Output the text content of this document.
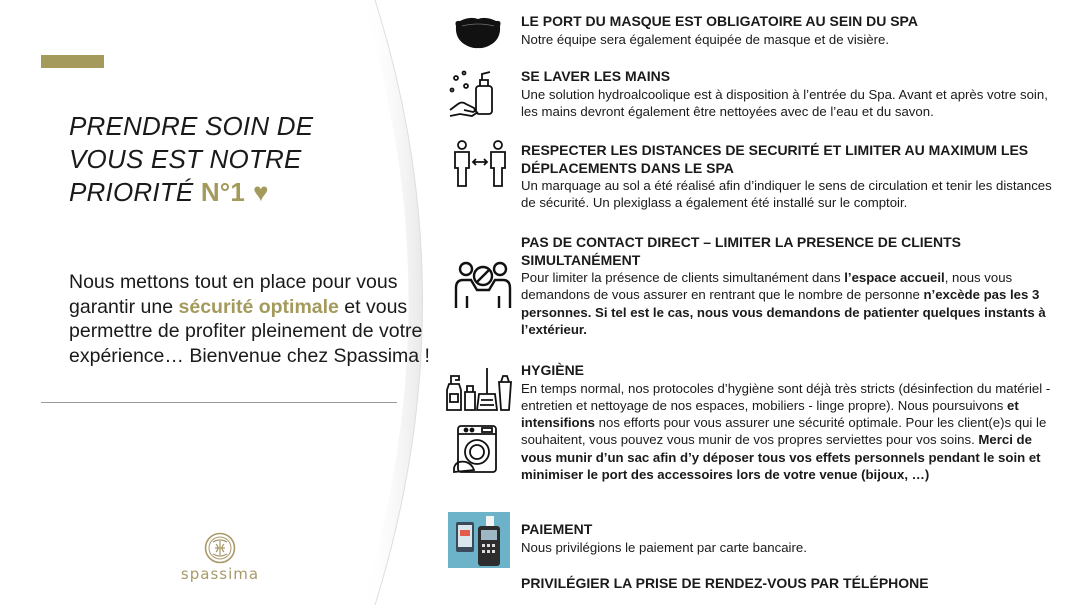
PRENDRE SOIN DE
VOUS EST NOTRE
PRIORITÉ N°1 ♥
Nous mettons tout en place pour vous garantir une sécurité optimale et vous permettre de profiter pleinement de votre expérience… Bienvenue chez Spassima !
spassima
LE PORT DU MASQUE EST OBLIGATOIRE AU SEIN DU SPA
Notre équipe sera également équipée de masque et de visière.
SE LAVER LES MAINS
Une solution hydroalcoolique est à disposition à l’entrée du Spa. Avant et après votre soin, les mains devront également être nettoyées avec de l’eau et du savon.
RESPECTER LES DISTANCES DE SECURITÉ ET LIMITER AU MAXIMUM LES DÉPLACEMENTS DANS LE SPA
Un marquage au sol a été réalisé afin d’indiquer le sens de circulation et tenir les distances de sécurité. Un plexiglass a également été installé sur le comptoir.
PAS DE CONTACT DIRECT – LIMITER LA PRESENCE DE CLIENTS SIMULTANÉMENT
Pour limiter la présence de clients simultanément dans l’espace accueil, nous vous demandons de vous assurer en rentrant que le nombre de personne n’excède pas les 3 personnes. Si tel est le cas, nous vous demandons de patienter quelques instants à l’extérieur.
HYGIÈNE
En temps normal, nos protocoles d’hygiène sont déjà très stricts (désinfection du matériel - entretien et nettoyage de nos espaces, mobiliers - linge propre). Nous poursuivons et intensifions nos efforts pour vous assurer une sécurité optimale. Pour les client(e)s qui le souhaitent, vous pouvez vous munir de vos propres serviettes pour vos soins. Merci de vous munir d’un sac afin d’y déposer tous vos effets personnels pendant le soin et minimiser le port des accessoires lors de votre venue (bijoux, …)
PAIEMENT
Nous privilégions le paiement par carte bancaire.
PRIVILÉGIER LA PRISE DE RENDEZ-VOUS PAR TÉLÉPHONE
